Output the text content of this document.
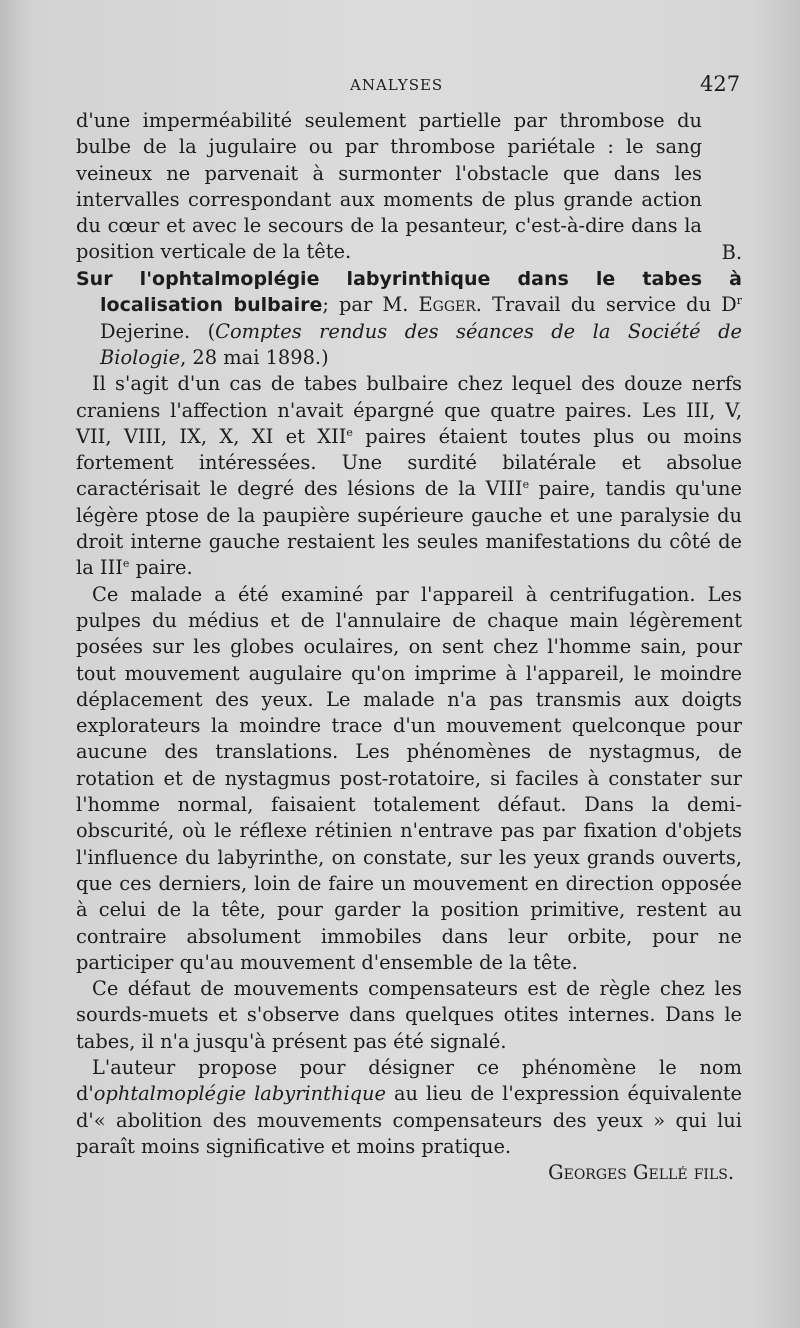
ANALYSES	427

d'une imperméabilité seulement partielle par thrombose du bulbe de la jugulaire ou par thrombose pariétale : le sang veineux ne parvenait à surmonter l'obstacle que dans les intervalles correspondant aux moments de plus grande action du cœur et avec le secours de la pesanteur, c'est-à-dire dans la position verticale de la tête.	B.

Sur l'ophtalmoplégie labyrinthique dans le tabes à localisation bulbaire; par M. Egger. Travail du service du $D^r$ Dejerine. (Comptes rendus des séances de la Société de Biologie, 28 mai 1898.)

Il s'agit d'un cas de tabes bulbaire chez lequel des douze nerfs craniens l'affection n'avait épargné que quatre paires. Les III, V, VII, VIII, IX, X, XI et XIIe paires étaient toutes plus ou moins fortement intéressées. Une surdité bilatérale et absolue caractérisait le degré des lésions de la VIIIe paire, tandis qu'une légère ptose de la paupière supérieure gauche et une paralysie du droit interne gauche restaient les seules manifestations du côté de la IIIe paire.

Ce malade a été examiné par l'appareil à centrifugation. Les pulpes du médius et de l'annulaire de chaque main légèrement posées sur les globes oculaires, on sent chez l'homme sain, pour tout mouvement augulaire qu'on imprime à l'appareil, le moindre déplacement des yeux. Le malade n'a pas transmis aux doigts explorateurs la moindre trace d'un mouvement quelconque pour aucune des translations. Les phénomènes de nystagmus, de rotation et de nystagmus post-rotatoire, si faciles à constater sur l'homme normal, faisaient totalement défaut. Dans la demi-obscurité, où le réflexe rétinien n'entrave pas par fixation d'objets l'influence du labyrinthe, on constate, sur les yeux grands ouverts, que ces derniers, loin de faire un mouvement en direction opposée à celui de la tête, pour garder la position primitive, restent au contraire absolument immobiles dans leur orbite, pour ne participer qu'au mouvement d'ensemble de la tête.

Ce défaut de mouvements compensateurs est de règle chez les sourds-muets et s'observe dans quelques otites internes. Dans le tabes, il n'a jusqu'à présent pas été signalé.

L'auteur propose pour désigner ce phénomène le nom d'ophtalmoplégie labyrinthique au lieu de l'expression équivalente d'« abolition des mouvements compensateurs des yeux » qui lui paraît moins significative et moins pratique.

Georges Gellé fils.
